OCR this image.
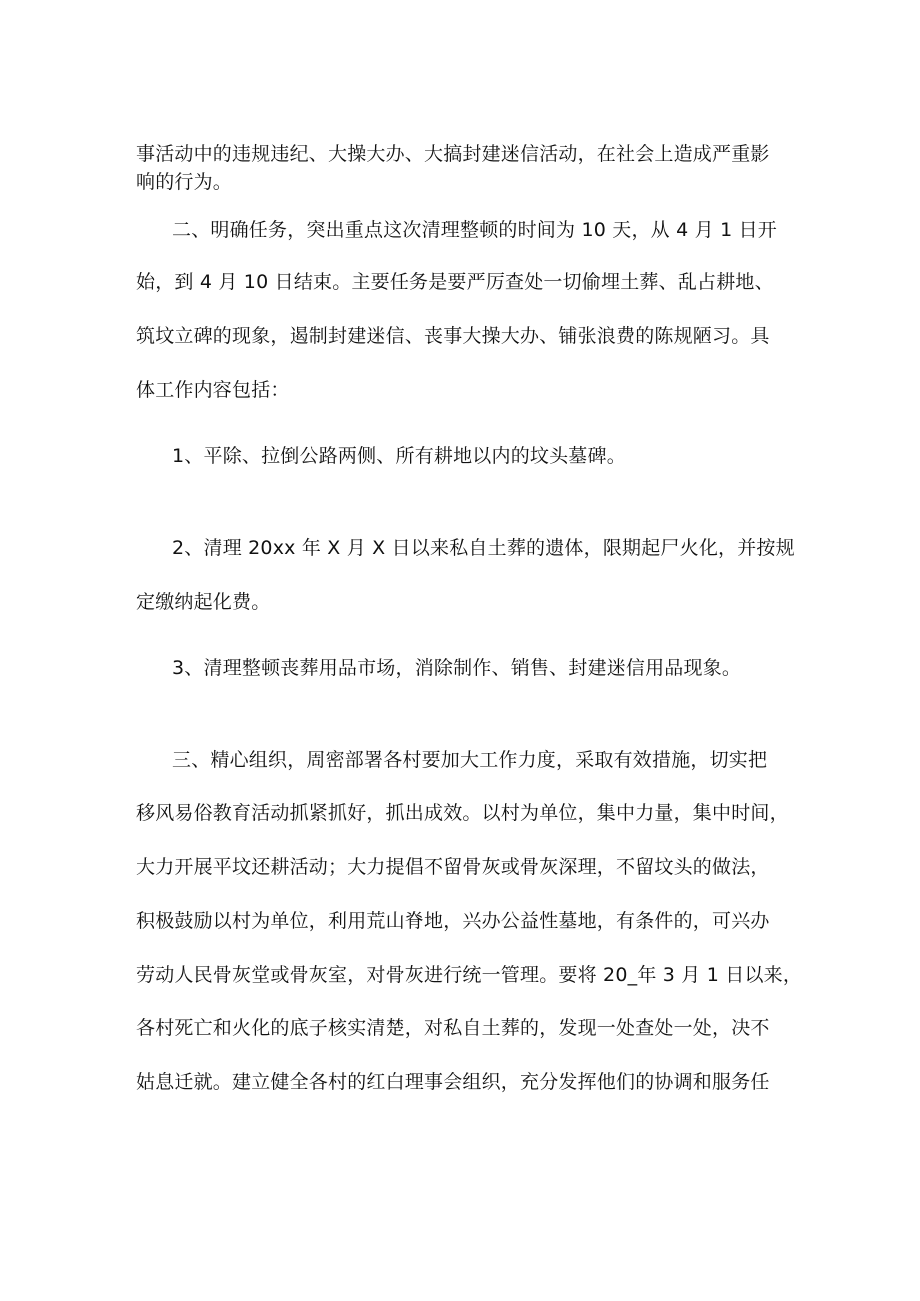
事活动中的违规违纪、大操大办、大搞封建迷信活动，在社会上造成严重影
响的行为。
二、明确任务，突出重点这次清理整顿的时间为 10 天，从 4 月 1 日开
始，到 4 月 10 日结束。主要任务是要严厉查处一切偷埋土葬、乱占耕地、
筑坟立碑的现象，遏制封建迷信、丧事大操大办、铺张浪费的陈规陋习。具
体工作内容包括：
1、平除、拉倒公路两侧、所有耕地以内的坟头墓碑。
2、清理 20xx 年 X 月 X 日以来私自土葬的遗体，限期起尸火化，并按规
定缴纳起化费。
3、清理整顿丧葬用品市场，消除制作、销售、封建迷信用品现象。
三、精心组织，周密部署各村要加大工作力度，采取有效措施，切实把
移风易俗教育活动抓紧抓好，抓出成效。以村为单位，集中力量，集中时间，
大力开展平坟还耕活动；大力提倡不留骨灰或骨灰深理，不留坟头的做法，
积极鼓励以村为单位，利用荒山脊地，兴办公益性墓地，有条件的，可兴办
劳动人民骨灰堂或骨灰室，对骨灰进行统一管理。要将 20_年 3 月 1 日以来，
各村死亡和火化的底子核实清楚，对私自土葬的，发现一处查处一处，决不
姑息迁就。建立健全各村的红白理事会组织，充分发挥他们的协调和服务任
